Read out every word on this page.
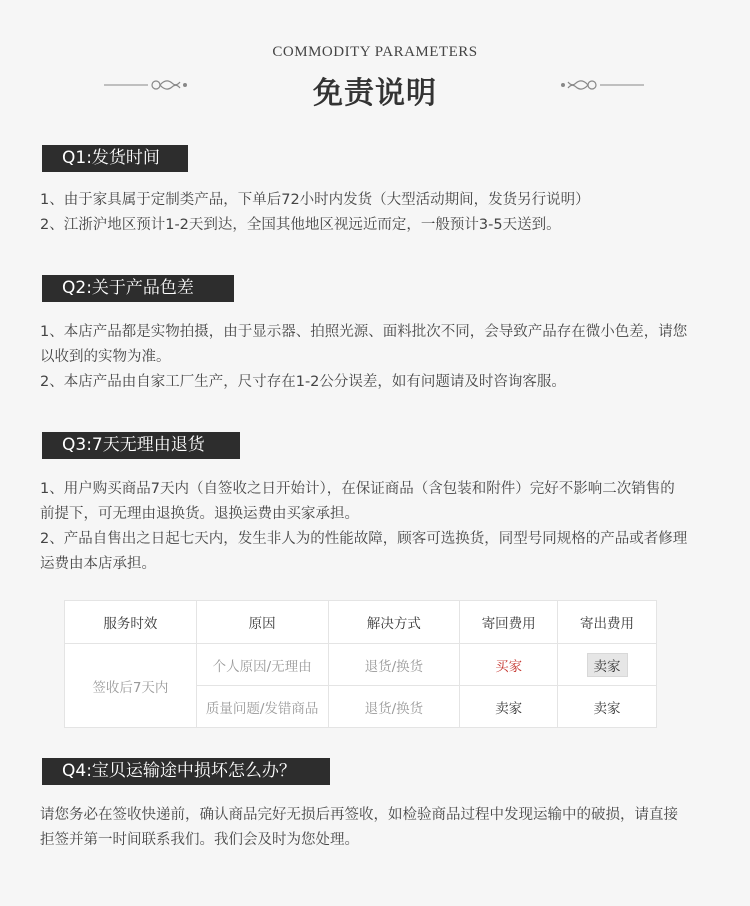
COMMODITY PARAMETERS
免责说明
Q1:发货时间

1、由于家具属于定制类产品，下单后72小时内发货（大型活动期间，发货另行说明）

2、江浙沪地区预计1-2天到达，全国其他地区视远近而定，一般预计3-5天送到。

Q2:关于产品色差

1、本店产品都是实物拍摄，由于显示器、拍照光源、面料批次不同，会导致产品存在微小色差，请您

以收到的实物为准。

2、本店产品由自家工厂生产，尺寸存在1-2公分误差，如有问题请及时咨询客服。

Q3:7天无理由退货

1、用户购买商品7天内（自签收之日开始计），在保证商品（含包装和附件）完好不影响二次销售的

前提下，可无理由退换货。退换运费由买家承担。

2、产品自售出之日起七天内，发生非人为的性能故障，顾客可选换货，同型号同规格的产品或者修理

运费由本店承担。

服务时效	原因	解决方式	寄回费用	寄出费用
签收后7天内	个人原因/无理由	退货/换货	买家	卖家
	质量问题/发错商品	退货/换货	卖家	卖家
Q4:宝贝运输途中损坏怎么办？

请您务必在签收快递前，确认商品完好无损后再签收，如检验商品过程中发现运输中的破损，请直接

拒签并第一时间联系我们。我们会及时为您处理。
